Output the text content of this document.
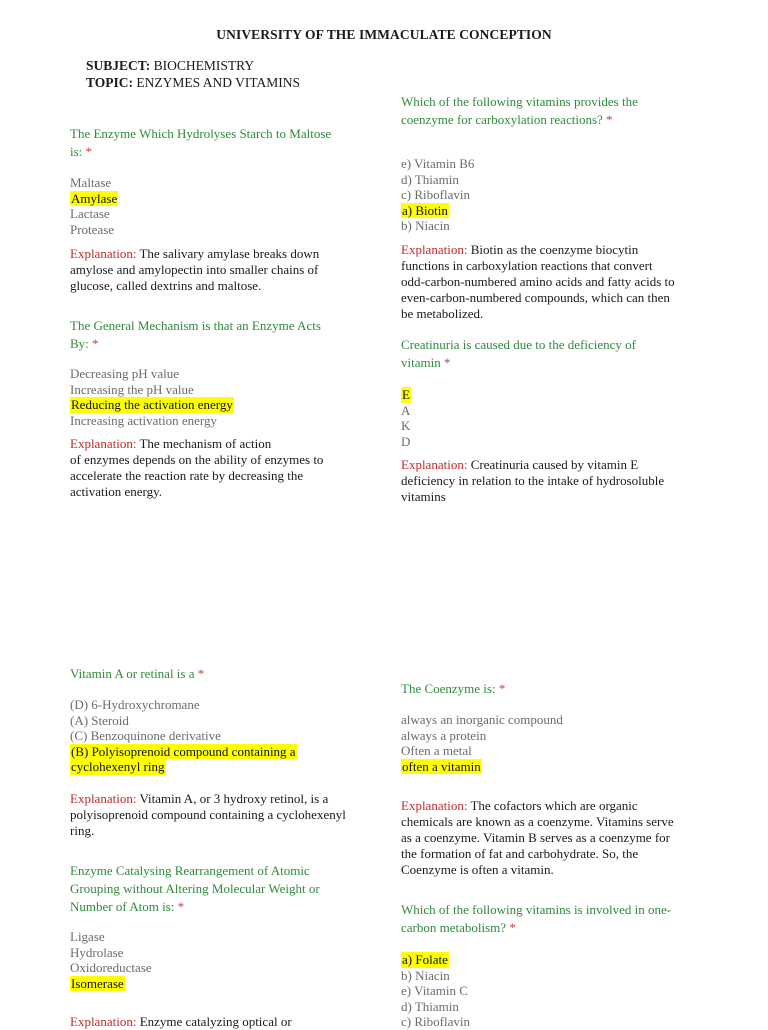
UNIVERSITY OF THE IMMACULATE CONCEPTION
SUBJECT: BIOCHEMISTRY
TOPIC: ENZYMES AND VITAMINS
The Enzyme Which Hydrolyses Starch to Maltose
is: *
Maltase
Amylase
Lactase
Protease
Explanation: The salivary amylase breaks down
amylose and amylopectin into smaller chains of
glucose, called dextrins and maltose.
The General Mechanism is that an Enzyme Acts
By: *
Decreasing pH value
Increasing the pH value
Reducing the activation energy
Increasing activation energy
Explanation: The mechanism of action
of enzymes depends on the ability of enzymes to
accelerate the reaction rate by decreasing the
activation energy.
Vitamin A or retinal is a *
(D) 6-Hydroxychromane
(A) Steroid
(C) Benzoquinone derivative
(B) Polyisoprenoid compound containing a
cyclohexenyl ring
Explanation: Vitamin A, or 3 hydroxy retinol, is a
polyisoprenoid compound containing a cyclohexenyl
ring.
Enzyme Catalysing Rearrangement of Atomic
Grouping without Altering Molecular Weight or
Number of Atom is: *
Ligase
Hydrolase
Oxidoreductase
Isomerase
Explanation: Enzyme catalyzing optical or
Which of the following vitamins provides the
coenzyme for carboxylation reactions? *
e) Vitamin B6
d) Thiamin
c) Riboflavin
a) Biotin
b) Niacin
Explanation: Biotin as the coenzyme biocytin
functions in carboxylation reactions that convert
odd-carbon-numbered amino acids and fatty acids to
even-carbon-numbered compounds, which can then
be metabolized.
Creatinuria is caused due to the deficiency of
vitamin *
E
A
K
D
Explanation: Creatinuria caused by vitamin E
deficiency in relation to the intake of hydrosoluble
vitamins
The Coenzyme is: *
always an inorganic compound
always a protein
Often a metal
often a vitamin
Explanation: The cofactors which are organic
chemicals are known as a coenzyme. Vitamins serve
as a coenzyme. Vitamin B serves as a coenzyme for
the formation of fat and carbohydrate. So, the
Coenzyme is often a vitamin.
Which of the following vitamins is involved in one-
carbon metabolism? *
a) Folate
b) Niacin
e) Vitamin C
d) Thiamin
c) Riboflavin
